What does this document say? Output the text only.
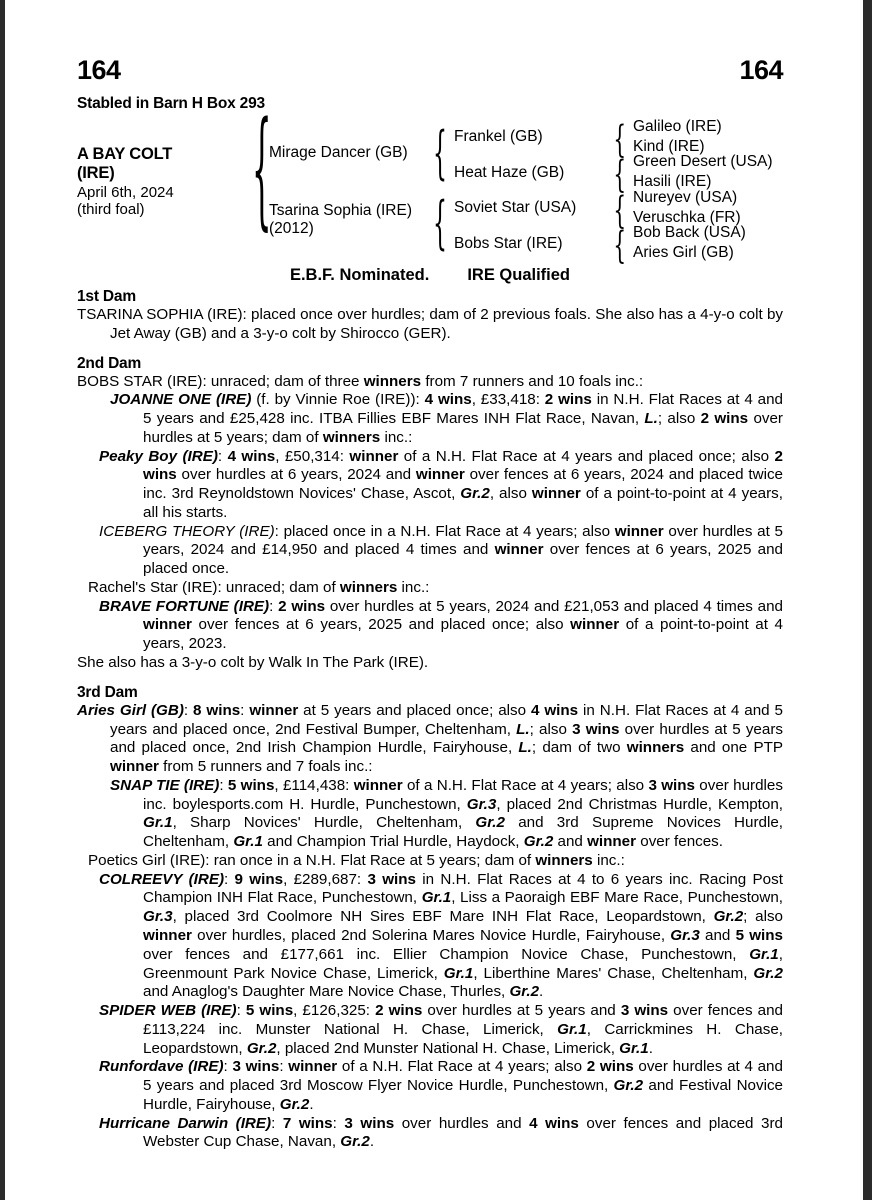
164	164
Stabled in Barn H Box 293
A BAY COLT
(IRE)
April 6th, 2024
(third foal)	{
Mirage Dancer (GB)
Tsarina Sophia (IRE)
(2012)
{
{
Frankel (GB)
Heat Haze (GB)
Soviet Star (USA)
Bobs Star (IRE)
{
{
{
{
Galileo (IRE)
Kind (IRE)
Green Desert (USA)
Hasili (IRE)
Nureyev (USA)
Veruschka (FR)
Bob Back (USA)
Aries Girl (GB)
E.B.F. Nominated. IRE Qualified
1st Dam

TSARINA SOPHIA (IRE): placed once over hurdles; dam of 2 previous foals. She also has a 4-y-o colt by Jet Away (GB) and a 3-y-o colt by Shirocco (GER).

2nd Dam

BOBS STAR (IRE): unraced; dam of three winners from 7 runners and 10 foals inc.:

JOANNE ONE (IRE) (f. by Vinnie Roe (IRE)): 4 wins, £33,418: 2 wins in N.H. Flat Races at 4 and 5 years and £25,428 inc. ITBA Fillies EBF Mares INH Flat Race, Navan, L.; also 2 wins over hurdles at 5 years; dam of winners inc.:

Peaky Boy (IRE): 4 wins, £50,314: winner of a N.H. Flat Race at 4 years and placed once; also 2 wins over hurdles at 6 years, 2024 and winner over fences at 6 years, 2024 and placed twice inc. 3rd Reynoldstown Novices' Chase, Ascot, Gr.2, also winner of a point-to-point at 4 years, all his starts.

ICEBERG THEORY (IRE): placed once in a N.H. Flat Race at 4 years; also winner over hurdles at 5 years, 2024 and £14,950 and placed 4 times and winner over fences at 6 years, 2025 and placed once.

Rachel's Star (IRE): unraced; dam of winners inc.:

BRAVE FORTUNE (IRE): 2 wins over hurdles at 5 years, 2024 and £21,053 and placed 4 times and winner over fences at 6 years, 2025 and placed once; also winner of a point-to-point at 4 years, 2023.

She also has a 3-y-o colt by Walk In The Park (IRE).

3rd Dam

Aries Girl (GB): 8 wins: winner at 5 years and placed once; also 4 wins in N.H. Flat Races at 4 and 5 years and placed once, 2nd Festival Bumper, Cheltenham, L.; also 3 wins over hurdles at 5 years and placed once, 2nd Irish Champion Hurdle, Fairyhouse, L.; dam of two winners and one PTP winner from 5 runners and 7 foals inc.:

SNAP TIE (IRE): 5 wins, £114,438: winner of a N.H. Flat Race at 4 years; also 3 wins over hurdles inc. boylesports.com H. Hurdle, Punchestown, Gr.3, placed 2nd Christmas Hurdle, Kempton, Gr.1, Sharp Novices' Hurdle, Cheltenham, Gr.2 and 3rd Supreme Novices Hurdle, Cheltenham, Gr.1 and Champion Trial Hurdle, Haydock, Gr.2 and winner over fences.

Poetics Girl (IRE): ran once in a N.H. Flat Race at 5 years; dam of winners inc.:

COLREEVY (IRE): 9 wins, £289,687: 3 wins in N.H. Flat Races at 4 to 6 years inc. Racing Post Champion INH Flat Race, Punchestown, Gr.1, Liss a Paoraigh EBF Mare Race, Punchestown, Gr.3, placed 3rd Coolmore NH Sires EBF Mare INH Flat Race, Leopardstown, Gr.2; also winner over hurdles, placed 2nd Solerina Mares Novice Hurdle, Fairyhouse, Gr.3 and 5 wins over fences and £177,661 inc. Ellier Champion Novice Chase, Punchestown, Gr.1, Greenmount Park Novice Chase, Limerick, Gr.1, Liberthine Mares' Chase, Cheltenham, Gr.2 and Anaglog's Daughter Mare Novice Chase, Thurles, Gr.2.

SPIDER WEB (IRE): 5 wins, £126,325: 2 wins over hurdles at 5 years and 3 wins over fences and £113,224 inc. Munster National H. Chase, Limerick, Gr.1, Carrickmines H. Chase, Leopardstown, Gr.2, placed 2nd Munster National H. Chase, Limerick, Gr.1.

Runfordave (IRE): 3 wins: winner of a N.H. Flat Race at 4 years; also 2 wins over hurdles at 4 and 5 years and placed 3rd Moscow Flyer Novice Hurdle, Punchestown, Gr.2 and Festival Novice Hurdle, Fairyhouse, Gr.2.

Hurricane Darwin (IRE): 7 wins: 3 wins over hurdles and 4 wins over fences and placed 3rd Webster Cup Chase, Navan, Gr.2.
